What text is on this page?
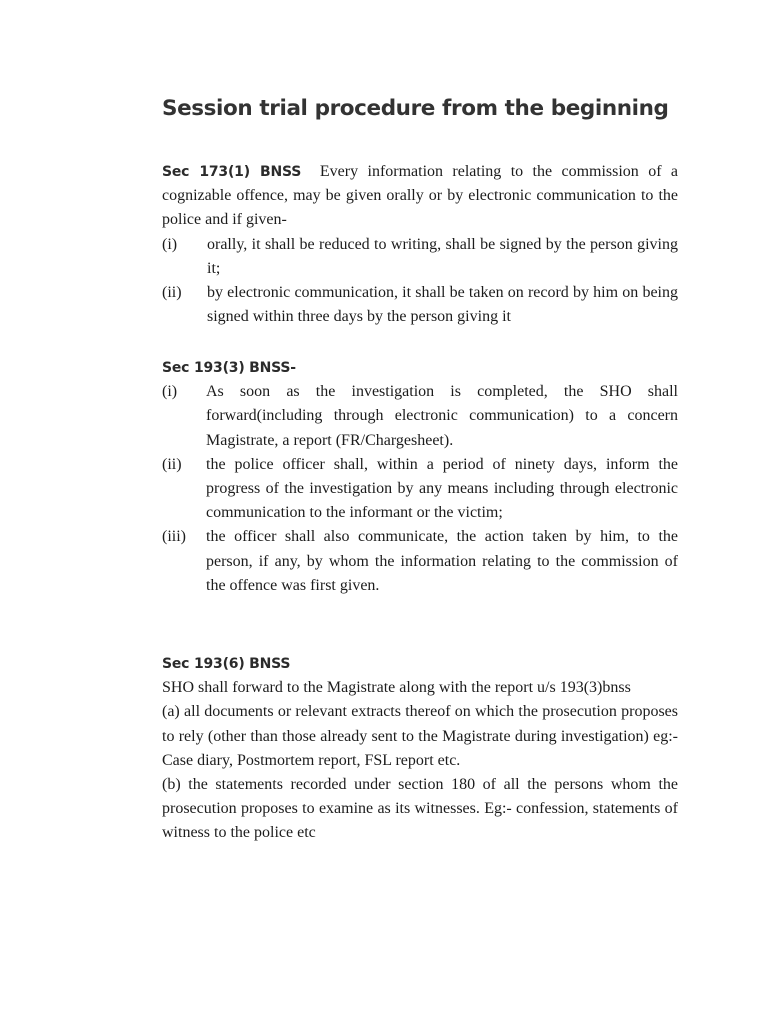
Session trial procedure from the beginning
Sec 173(1) BNSS Every information relating to the commission of a cognizable offence, may be given orally or by electronic communication to the police and if given-
(i)	orally, it shall be reduced to writing, shall be signed by the person giving it;
(ii)	by electronic communication, it shall be taken on record by him on being signed within three days by the person giving it
Sec 193(3) BNSS-
(i)	As soon as the investigation is completed, the SHO shall forward(including through electronic communication) to a concern Magistrate, a report (FR/Chargesheet).
(ii)	the police officer shall, within a period of ninety days, inform the progress of the investigation by any means including through electronic communication to the informant or the victim;
(iii)	the officer shall also communicate, the action taken by him, to the person, if any, by whom the information relating to the commission of the offence was first given.
Sec 193(6) BNSS
SHO shall forward to the Magistrate along with the report u/s 193(3)bnss
(a) all documents or relevant extracts thereof on which the prosecution proposes to rely (other than those already sent to the Magistrate during investigation) eg:- Case diary, Postmortem report, FSL report etc.
(b) the statements recorded under section 180 of all the persons whom the prosecution proposes to examine as its witnesses. Eg:- confession, statements of witness to the police etc
